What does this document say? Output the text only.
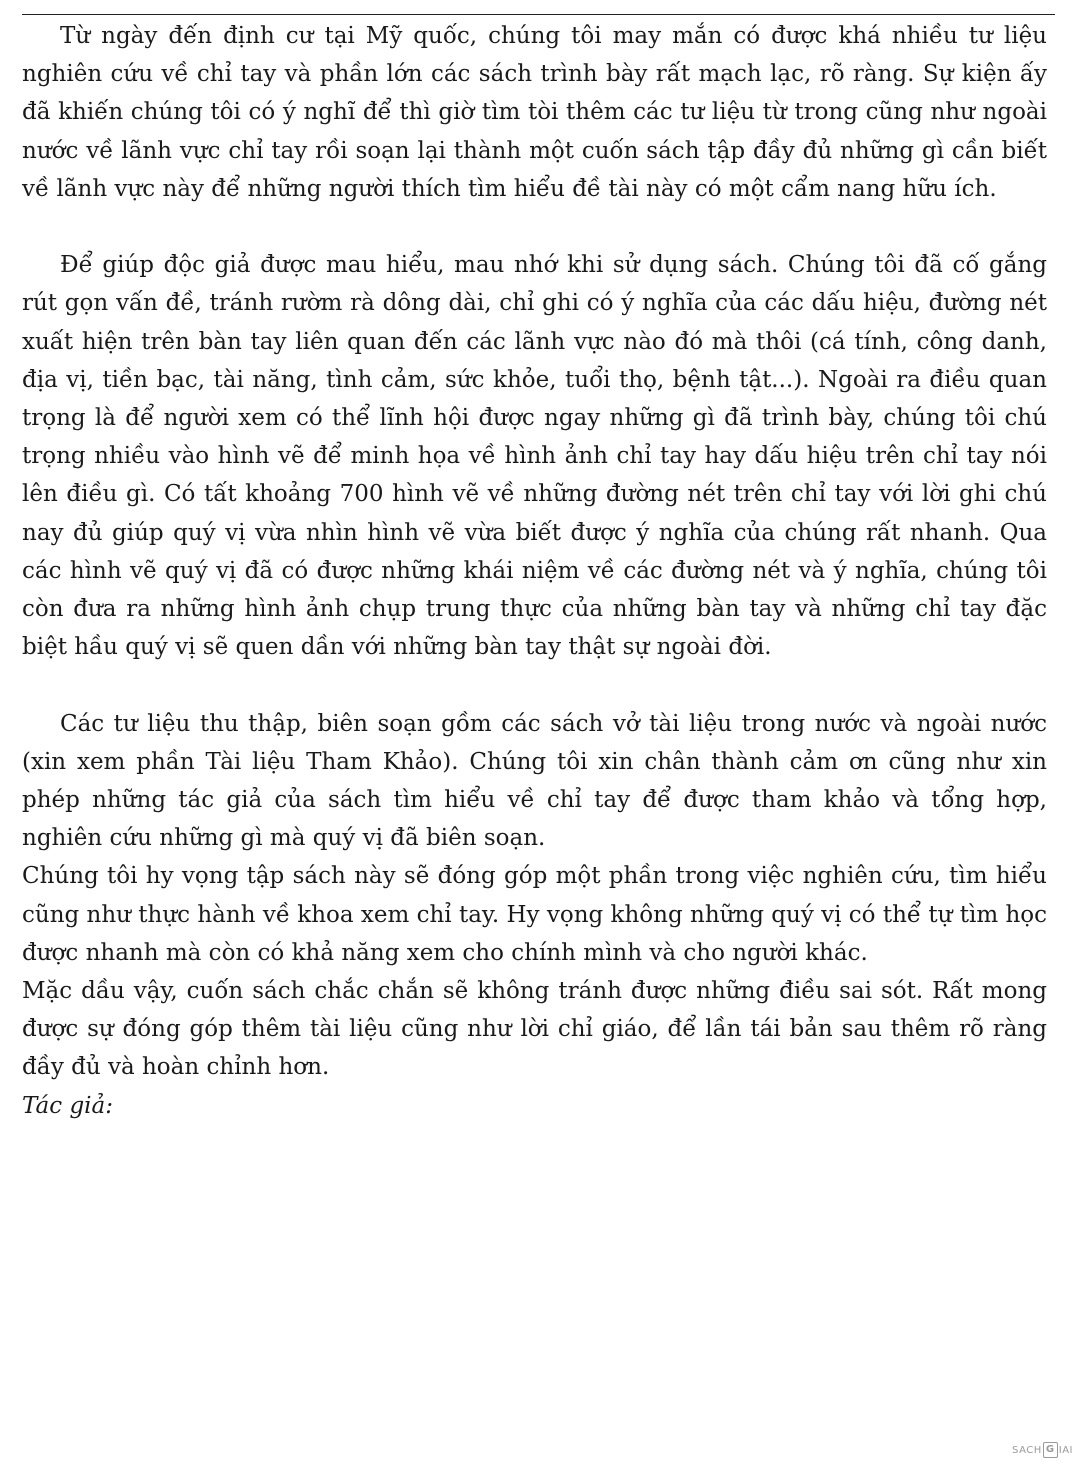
Từ ngày đến định cư tại Mỹ quốc, chúng tôi may mắn có được khá nhiều tư liệu nghiên cứu về chỉ tay và phần lớn các sách trình bày rất mạch lạc, rõ ràng. Sự kiện ấy đã khiến chúng tôi có ý nghĩ để thì giờ tìm tòi thêm các tư liệu từ trong cũng như ngoài nước về lãnh vực chỉ tay rồi soạn lại thành một cuốn sách tập đầy đủ những gì cần biết về lãnh vực này để những người thích tìm hiểu đề tài này có một cẩm nang hữu ích.

Để giúp độc giả được mau hiểu, mau nhớ khi sử dụng sách. Chúng tôi đã cố gắng rút gọn vấn đề, tránh rườm rà dông dài, chỉ ghi có ý nghĩa của các dấu hiệu, đường nét xuất hiện trên bàn tay liên quan đến các lãnh vực nào đó mà thôi (cá tính, công danh, địa vị, tiền bạc, tài năng, tình cảm, sức khỏe, tuổi thọ, bệnh tật...). Ngoài ra điều quan trọng là để người xem có thể lĩnh hội được ngay những gì đã trình bày, chúng tôi chú trọng nhiều vào hình vẽ để minh họa về hình ảnh chỉ tay hay dấu hiệu trên chỉ tay nói lên điều gì. Có tất khoảng 700 hình vẽ về những đường nét trên chỉ tay với lời ghi chú nay đủ giúp quý vị vừa nhìn hình vẽ vừa biết được ý nghĩa của chúng rất nhanh. Qua các hình vẽ quý vị đã có được những khái niệm về các đường nét và ý nghĩa, chúng tôi còn đưa ra những hình ảnh chụp trung thực của những bàn tay và những chỉ tay đặc biệt hầu quý vị sẽ quen dần với những bàn tay thật sự ngoài đời.

Các tư liệu thu thập, biên soạn gồm các sách vở tài liệu trong nước và ngoài nước (xin xem phần Tài liệu Tham Khảo). Chúng tôi xin chân thành cảm ơn cũng như xin phép những tác giả của sách tìm hiểu về chỉ tay để được tham khảo và tổng hợp, nghiên cứu những gì mà quý vị đã biên soạn.

Chúng tôi hy vọng tập sách này sẽ đóng góp một phần trong việc nghiên cứu, tìm hiểu cũng như thực hành về khoa xem chỉ tay. Hy vọng không những quý vị có thể tự tìm học được nhanh mà còn có khả năng xem cho chính mình và cho người khác.

Mặc dầu vậy, cuốn sách chắc chắn sẽ không tránh được những điều sai sót. Rất mong được sự đóng góp thêm tài liệu cũng như lời chỉ giáo, để lần tái bản sau thêm rõ ràng đầy đủ và hoàn chỉnh hơn.

Tác giả:

SACH G IAI
